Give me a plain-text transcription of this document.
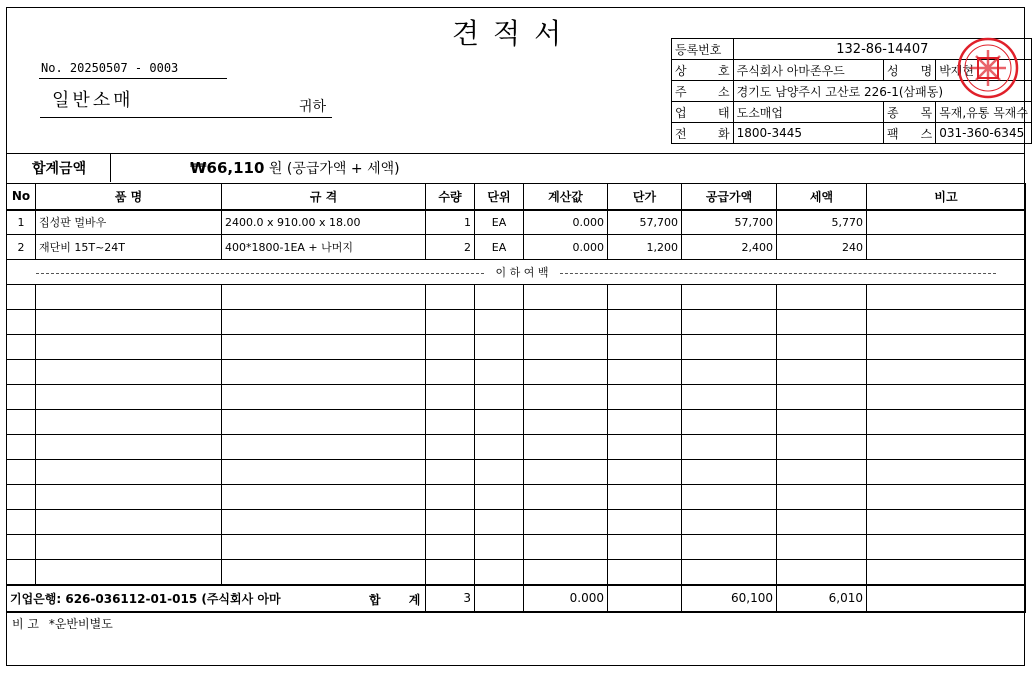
견적서
No. 20250507 - 0003
일반소매	귀하
등록번호	132-86-14407		
상 호	주식회사 아마존우드	성 명	박재현
주 소	경기도 남양주시 고산로 226-1(삼패동)		
업 태	도소매업	종 목	목재,유통 목재수
전 화	1800-3445	팩 스	031-360-6345
합계금액	₩66,110 원 (공급가액 + 세액)
No	품 명	규 격	수량	단위	계산값	단가	공급가액	세액	비고
1	집성판 멀바우	2400.0 x 910.00 x 18.00	1	EA	0.000	57,700	57,700	5,770	
2	재단비 15T~24T	400*1800-1EA + 나머지	2	EA	0.000	1,200	2,400	240	
이 하 여 백									

기업은행: 626-036112-01-015 (주식회사 아마 합 계			3		0.000		60,100	6,010	
비 고 *운반비별도
